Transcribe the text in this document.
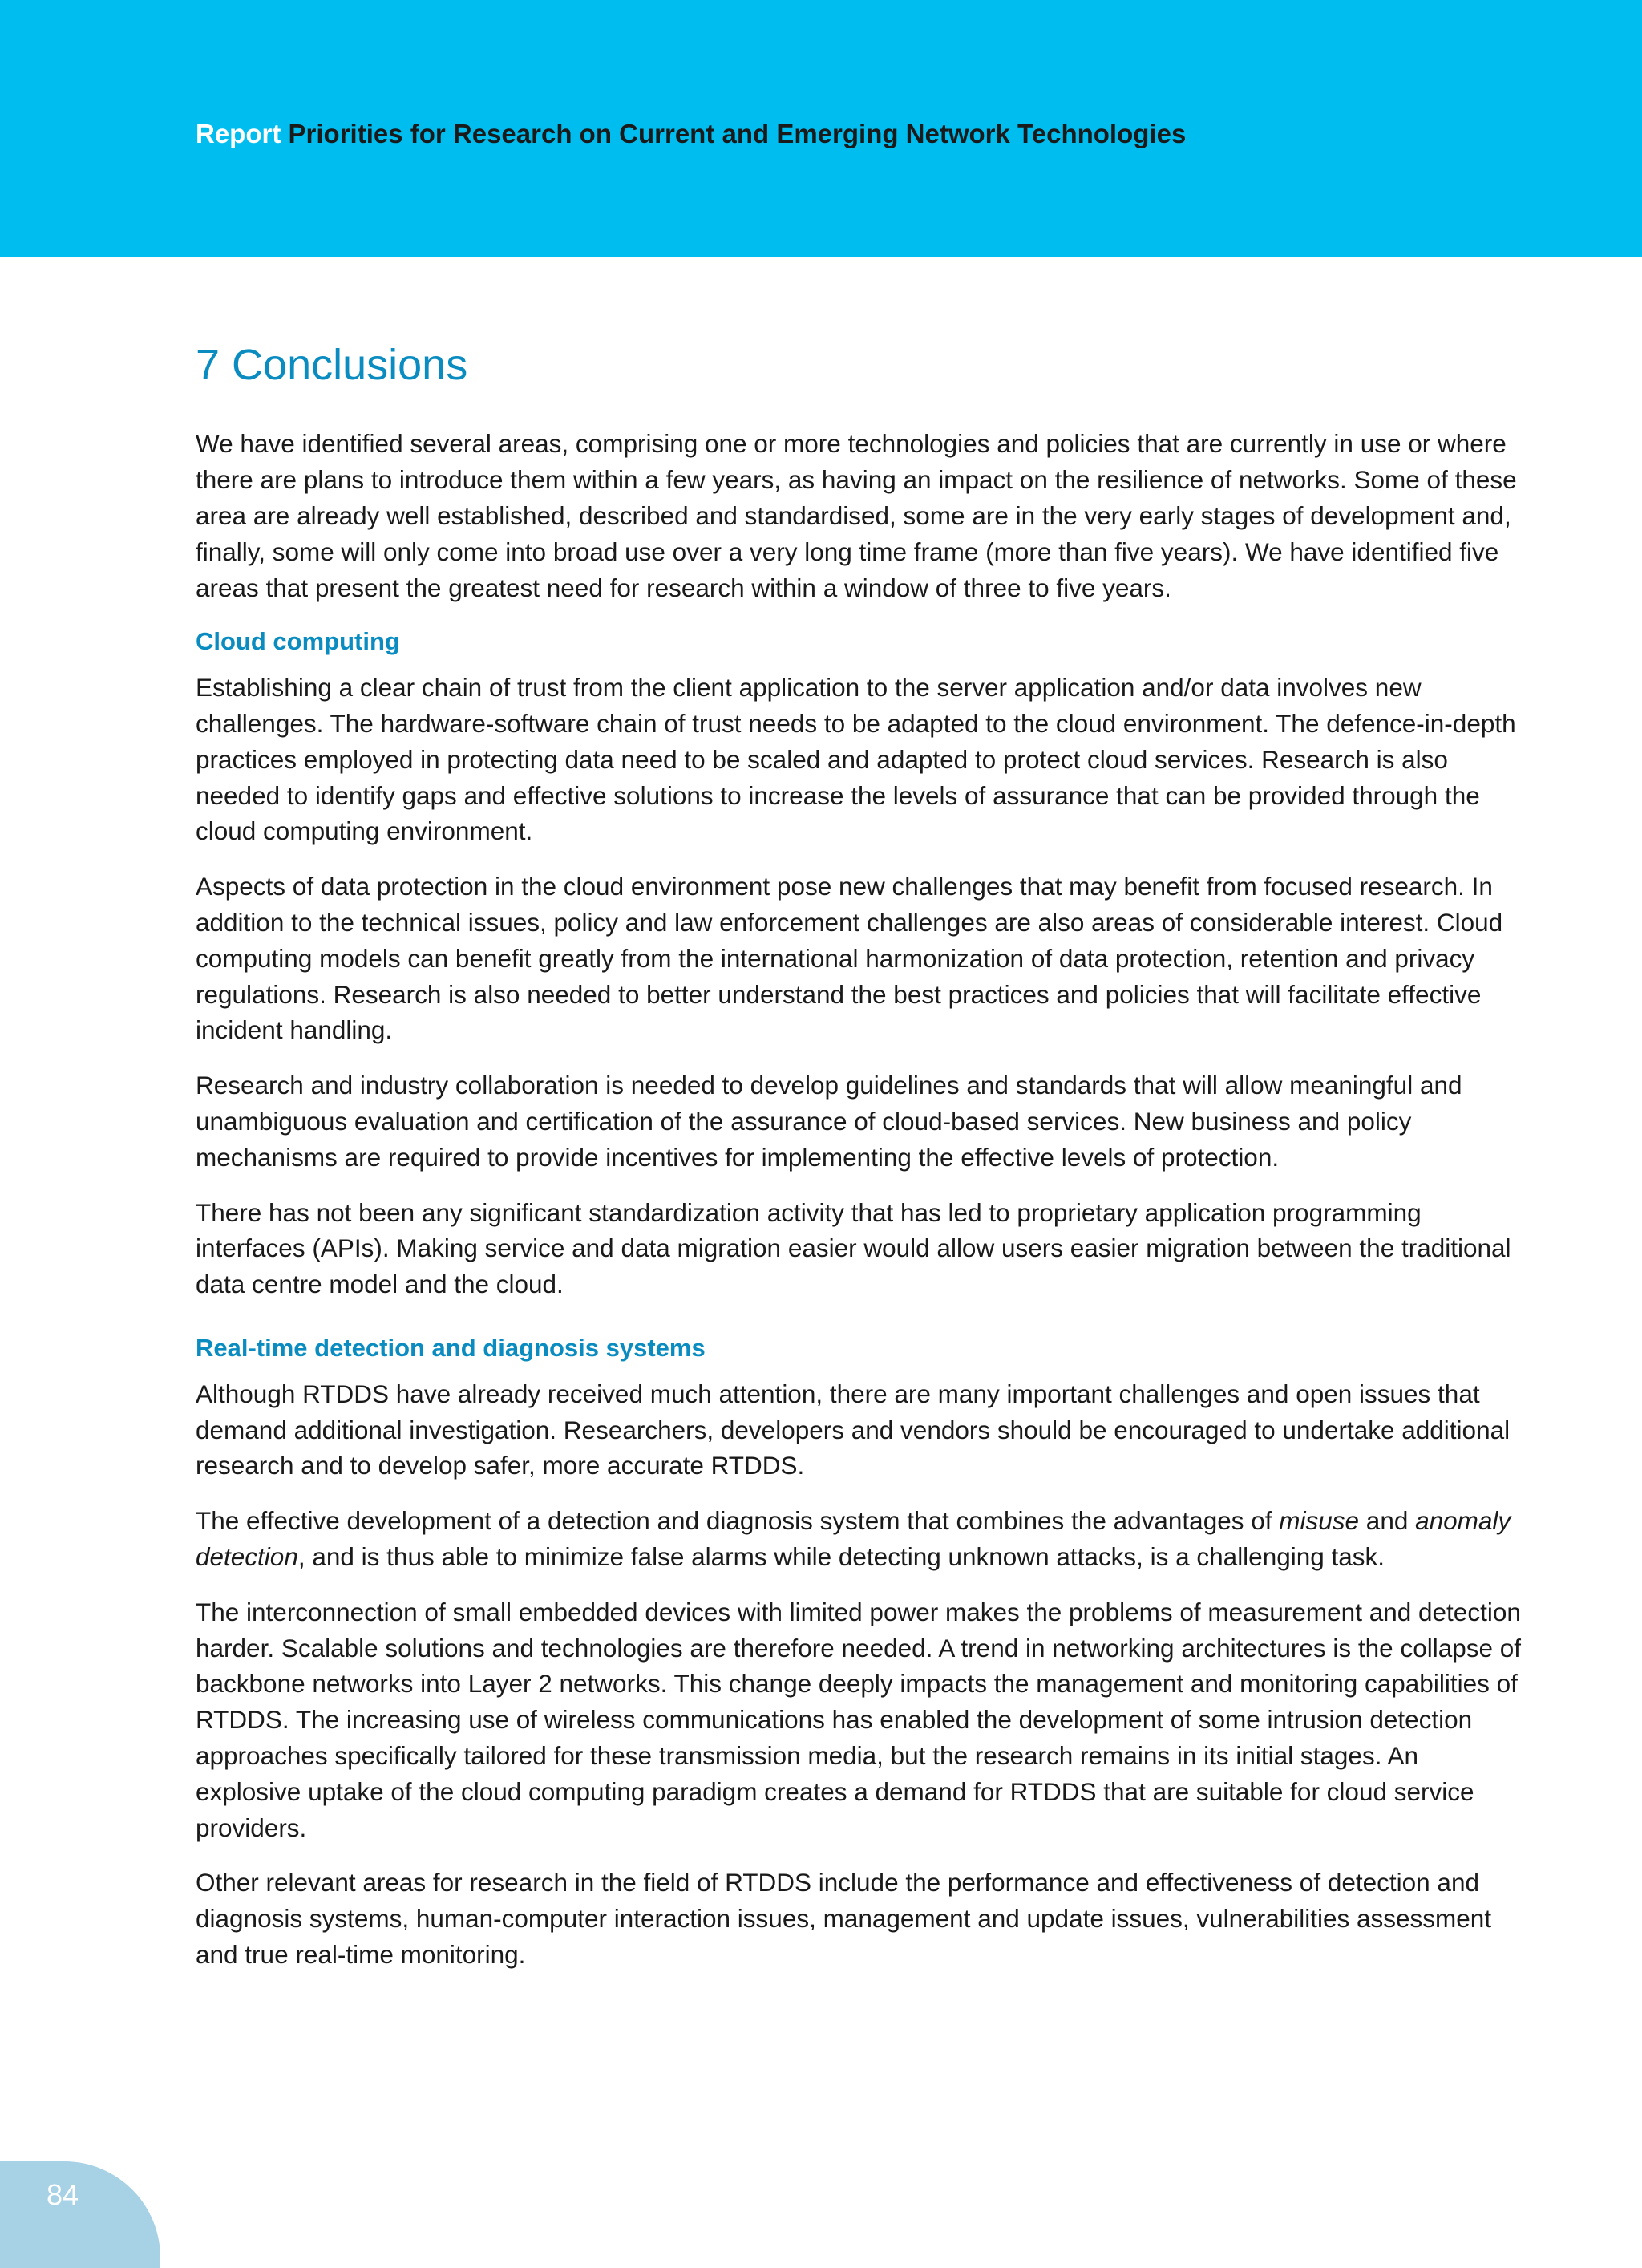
Report Priorities for Research on Current and Emerging Network Technologies
7 Conclusions

We have identified several areas, comprising one or more technologies and policies that are currently in use or where there are plans to introduce them within a few years, as having an impact on the resilience of networks. Some of these area are already well established, described and standardised, some are in the very early stages of development and, finally, some will only come into broad use over a very long time frame (more than five years). We have identified five areas that present the greatest need for research within a window of three to five years.

Cloud computing

Establishing a clear chain of trust from the client application to the server application and/or data involves new challenges. The hardware-software chain of trust needs to be adapted to the cloud environment. The defence-in-depth practices employed in protecting data need to be scaled and adapted to protect cloud services. Research is also needed to identify gaps and effective solutions to increase the levels of assurance that can be provided through the cloud computing environment.

Aspects of data protection in the cloud environment pose new challenges that may benefit from focused research. In addition to the technical issues, policy and law enforcement challenges are also areas of considerable interest. Cloud computing models can benefit greatly from the international harmonization of data protection, retention and privacy regulations. Research is also needed to better understand the best practices and policies that will facilitate effective incident handling.

Research and industry collaboration is needed to develop guidelines and standards that will allow meaningful and unambiguous evaluation and certification of the assurance of cloud-based services. New business and policy mechanisms are required to provide incentives for implementing the effective levels of protection.

There has not been any significant standardization activity that has led to proprietary application programming interfaces (APIs). Making service and data migration easier would allow users easier migration between the traditional data centre model and the cloud.

Real-time detection and diagnosis systems

Although RTDDS have already received much attention, there are many important challenges and open issues that demand additional investigation. Researchers, developers and vendors should be encouraged to undertake additional research and to develop safer, more accurate RTDDS.

The effective development of a detection and diagnosis system that combines the advantages of misuse and anomaly detection, and is thus able to minimize false alarms while detecting unknown attacks, is a challenging task.

The interconnection of small embedded devices with limited power makes the problems of measurement and detection harder. Scalable solutions and technologies are therefore needed. A trend in networking architectures is the collapse of backbone networks into Layer 2 networks. This change deeply impacts the management and monitoring capabilities of RTDDS. The increasing use of wireless communications has enabled the development of some intrusion detection approaches specifically tailored for these transmission media, but the research remains in its initial stages. An explosive uptake of the cloud computing paradigm creates a demand for RTDDS that are suitable for cloud service providers.

Other relevant areas for research in the field of RTDDS include the performance and effectiveness of detection and diagnosis systems, human-computer interaction issues, management and update issues, vulnerabilities assessment and true real-time monitoring.

84
